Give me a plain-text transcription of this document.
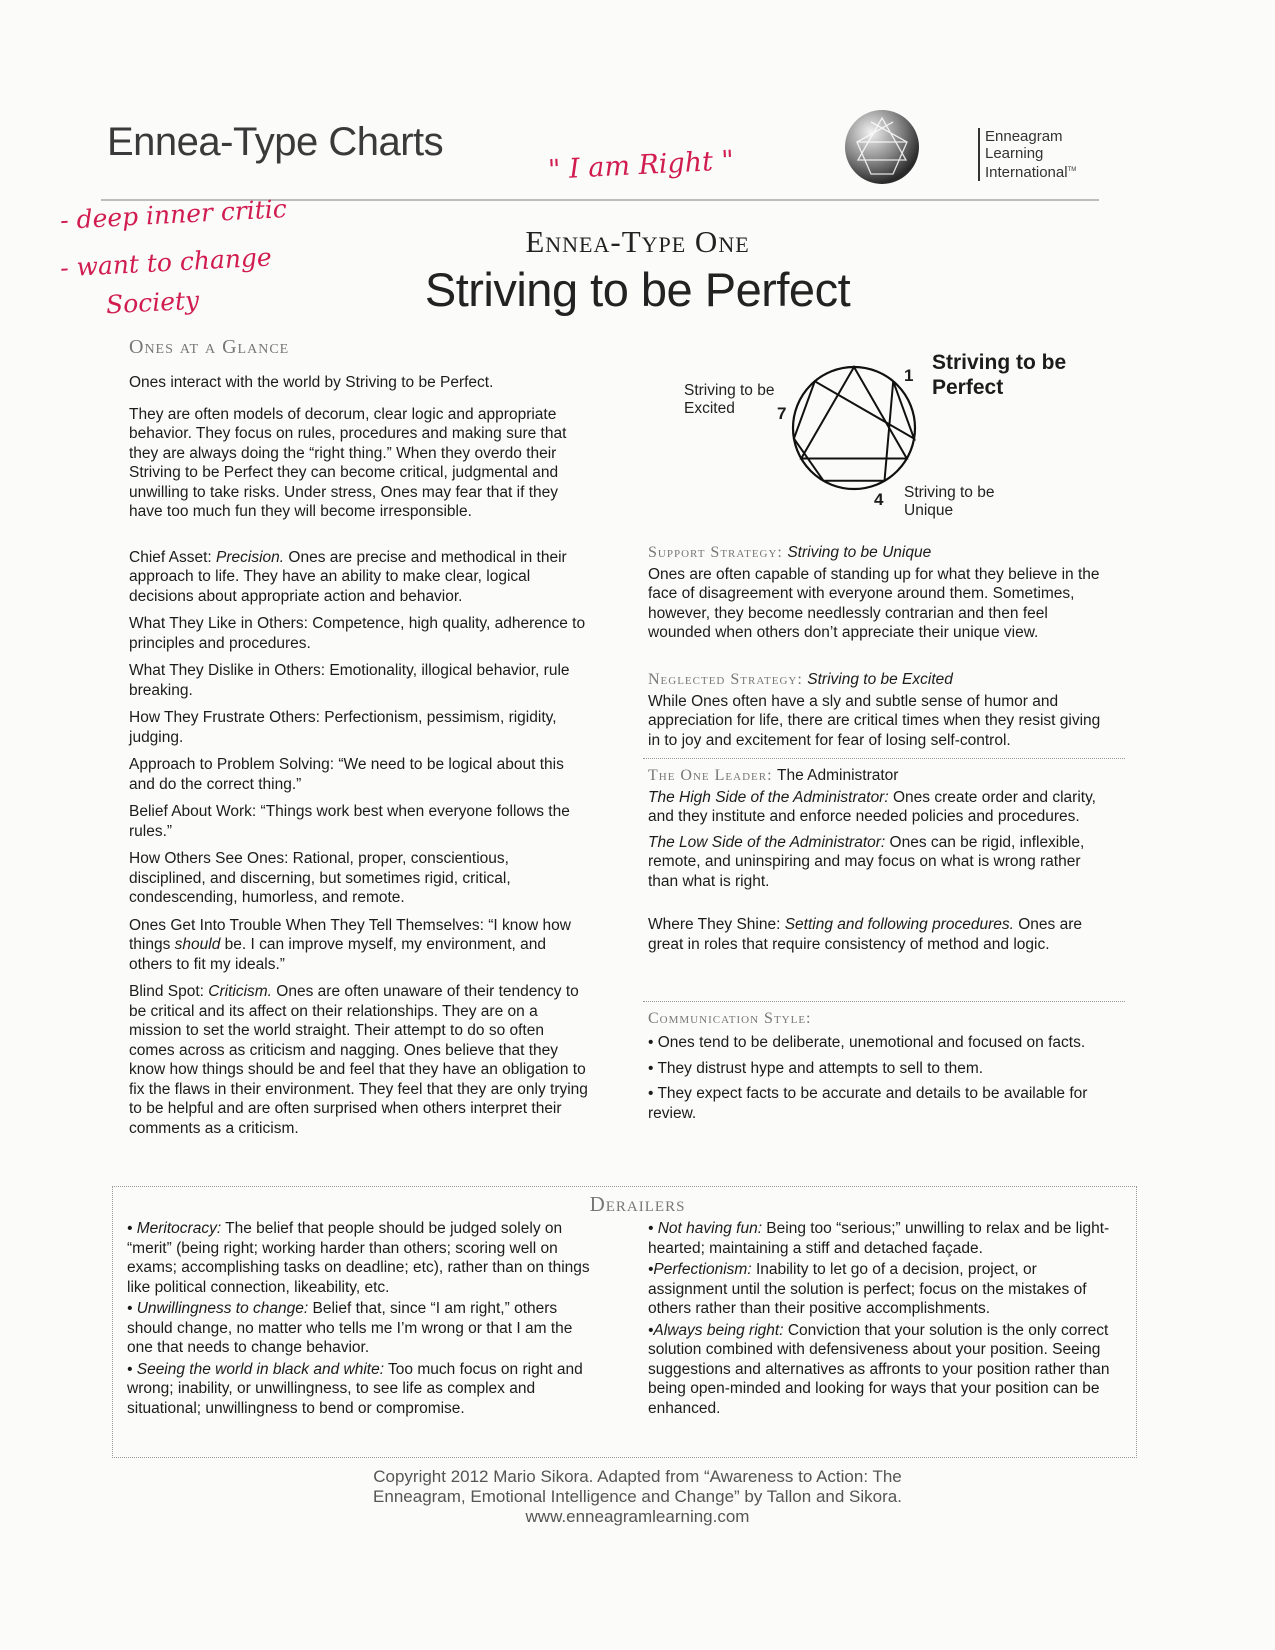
Ennea-Type Charts	Enneagram
Learning
International™
" I am Right "
- deep inner critic
- want to change
Society
Ennea-Type One
Striving to be Perfect
Ones at a Glance
Ones interact with the world by Striving to be Perfect.
They are often models of decorum, clear logic and appropriate behavior. They focus on rules, procedures and making sure that they are always doing the “right thing.” When they overdo their Striving to be Perfect they can become critical, judgmental and unwilling to take risks. Under stress, Ones may fear that if they have too much fun they will become irresponsible.
Chief Asset: Precision. Ones are precise and methodical in their approach to life. They have an ability to make clear, logical decisions about appropriate action and behavior.
What They Like in Others: Competence, high quality, adherence to principles and procedures.
What They Dislike in Others: Emotionality, illogical behavior, rule breaking.
How They Frustrate Others: Perfectionism, pessimism, rigidity, judging.
Approach to Problem Solving: “We need to be logical about this and do the correct thing.”
Belief About Work: “Things work best when everyone follows the rules.”
How Others See Ones: Rational, proper, conscientious, disciplined, and discerning, but sometimes rigid, critical, condescending, humorless, and remote.
Ones Get Into Trouble When They Tell Themselves: “I know how things should be. I can improve myself, my environment, and others to fit my ideals.”
Blind Spot: Criticism. Ones are often unaware of their tendency to be critical and its affect on their relationships. They are on a mission to set the world straight. Their attempt to do so often comes across as criticism and nagging. Ones believe that they know how things should be and feel that they have an obligation to fix the flaws in their environment. They feel that they are only trying to be helpful and are often surprised when others interpret their comments as a criticism.
1
Striving to be
Perfect
7
Striving to be
Excited
4 Striving to be
Unique
Support Strategy: Striving to be Unique
Ones are often capable of standing up for what they believe in the face of disagreement with everyone around them. Sometimes, however, they become needlessly contrarian and then feel wounded when others don’t appreciate their unique view.
Neglected Strategy: Striving to be Excited
While Ones often have a sly and subtle sense of humor and appreciation for life, there are critical times when they resist giving in to joy and excitement for fear of losing self-control.
The One Leader: The Administrator
The High Side of the Administrator: Ones create order and clarity, and they institute and enforce needed policies and procedures.
The Low Side of the Administrator: Ones can be rigid, inflexible, remote, and uninspiring and may focus on what is wrong rather than what is right.
Where They Shine: Setting and following procedures. Ones are great in roles that require consistency of method and logic.
Communication Style:
• Ones tend to be deliberate, unemotional and focused on facts.
• They distrust hype and attempts to sell to them.
• They expect facts to be accurate and details to be available for review.
Derailers
• Meritocracy: The belief that people should be judged solely on “merit” (being right; working harder than others; scoring well on exams; accomplishing tasks on deadline; etc), rather than on things like political connection, likeability, etc.
• Unwillingness to change: Belief that, since “I am right,” others should change, no matter who tells me I’m wrong or that I am the one that needs to change behavior.
• Seeing the world in black and white: Too much focus on right and wrong; inability, or unwillingness, to see life as complex and situational; unwillingness to bend or compromise.
• Not having fun: Being too “serious;” unwilling to relax and be light-hearted; maintaining a stiff and detached façade.
•Perfectionism: Inability to let go of a decision, project, or assignment until the solution is perfect; focus on the mistakes of others rather than their positive accomplishments.
•Always being right: Conviction that your solution is the only correct solution combined with defensiveness about your position. Seeing suggestions and alternatives as affronts to your position rather than being open-minded and looking for ways that your position can be enhanced.
Copyright 2012 Mario Sikora. Adapted from “Awareness to Action: The
Enneagram, Emotional Intelligence and Change” by Tallon and Sikora.
www.enneagramlearning.com
